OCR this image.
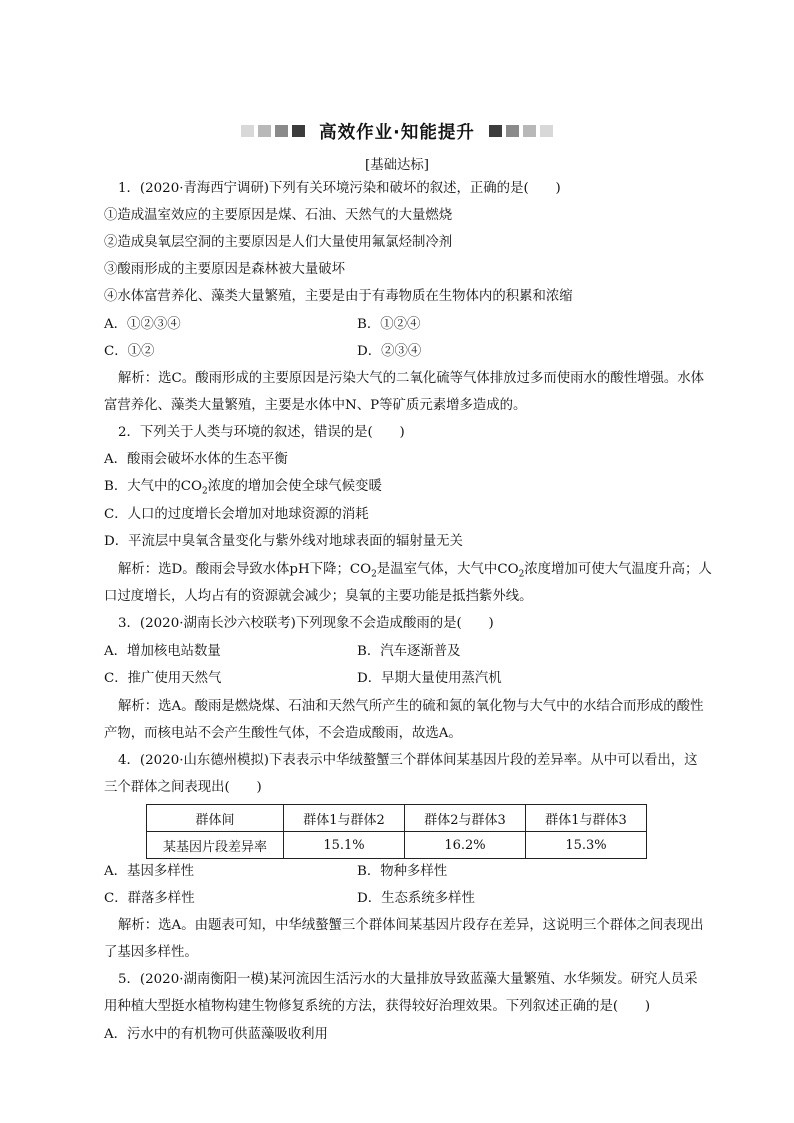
高效作业·知能提升
[基础达标]
1．(2020·青海西宁调研)下列有关环境污染和破坏的叙述，正确的是(　　)
①造成温室效应的主要原因是煤、石油、天然气的大量燃烧
②造成臭氧层空洞的主要原因是人们大量使用氟氯烃制冷剂
③酸雨形成的主要原因是森林被大量破坏
④水体富营养化、藻类大量繁殖，主要是由于有毒物质在生物体内的积累和浓缩
A．①②③④	B．①②④
C．①②	D．②③④
解析：选C。酸雨形成的主要原因是污染大气的二氧化硫等气体排放过多而使雨水的酸性增强。水体
富营养化、藻类大量繁殖，主要是水体中N、P等矿质元素增多造成的。
2．下列关于人类与环境的叙述，错误的是(　　)
A．酸雨会破坏水体的生态平衡
B．大气中的$CO_2$浓度的增加会使全球气候变暖
C．人口的过度增长会增加对地球资源的消耗
D．平流层中臭氧含量变化与紫外线对地球表面的辐射量无关
解析：选D。酸雨会导致水体pH下降；$CO_2$是温室气体，大气中$CO_2$浓度增加可使大气温度升高；人
口过度增长，人均占有的资源就会减少；臭氧的主要功能是抵挡紫外线。
3．(2020·湖南长沙六校联考)下列现象不会造成酸雨的是(　　)
A．增加核电站数量	B．汽车逐渐普及
C．推广使用天然气	D．早期大量使用蒸汽机
解析：选A。酸雨是燃烧煤、石油和天然气所产生的硫和氮的氧化物与大气中的水结合而形成的酸性
产物，而核电站不会产生酸性气体，不会造成酸雨，故选A。
4．(2020·山东德州模拟)下表表示中华绒螯蟹三个群体间某基因片段的差异率。从中可以看出，这
三个群体之间表现出(　　)
群体间	群体1与群体2	群体2与群体3	群体1与群体3
某基因片段差异率	15.1%	16.2%	15.3%
A．基因多样性	B．物种多样性
C．群落多样性	D．生态系统多样性
解析：选A。由题表可知，中华绒螯蟹三个群体间某基因片段存在差异，这说明三个群体之间表现出
了基因多样性。
5．(2020·湖南衡阳一模)某河流因生活污水的大量排放导致蓝藻大量繁殖、水华频发。研究人员采
用种植大型挺水植物构建生物修复系统的方法，获得较好治理效果。下列叙述正确的是(　　)
A．污水中的有机物可供蓝藻吸收利用
